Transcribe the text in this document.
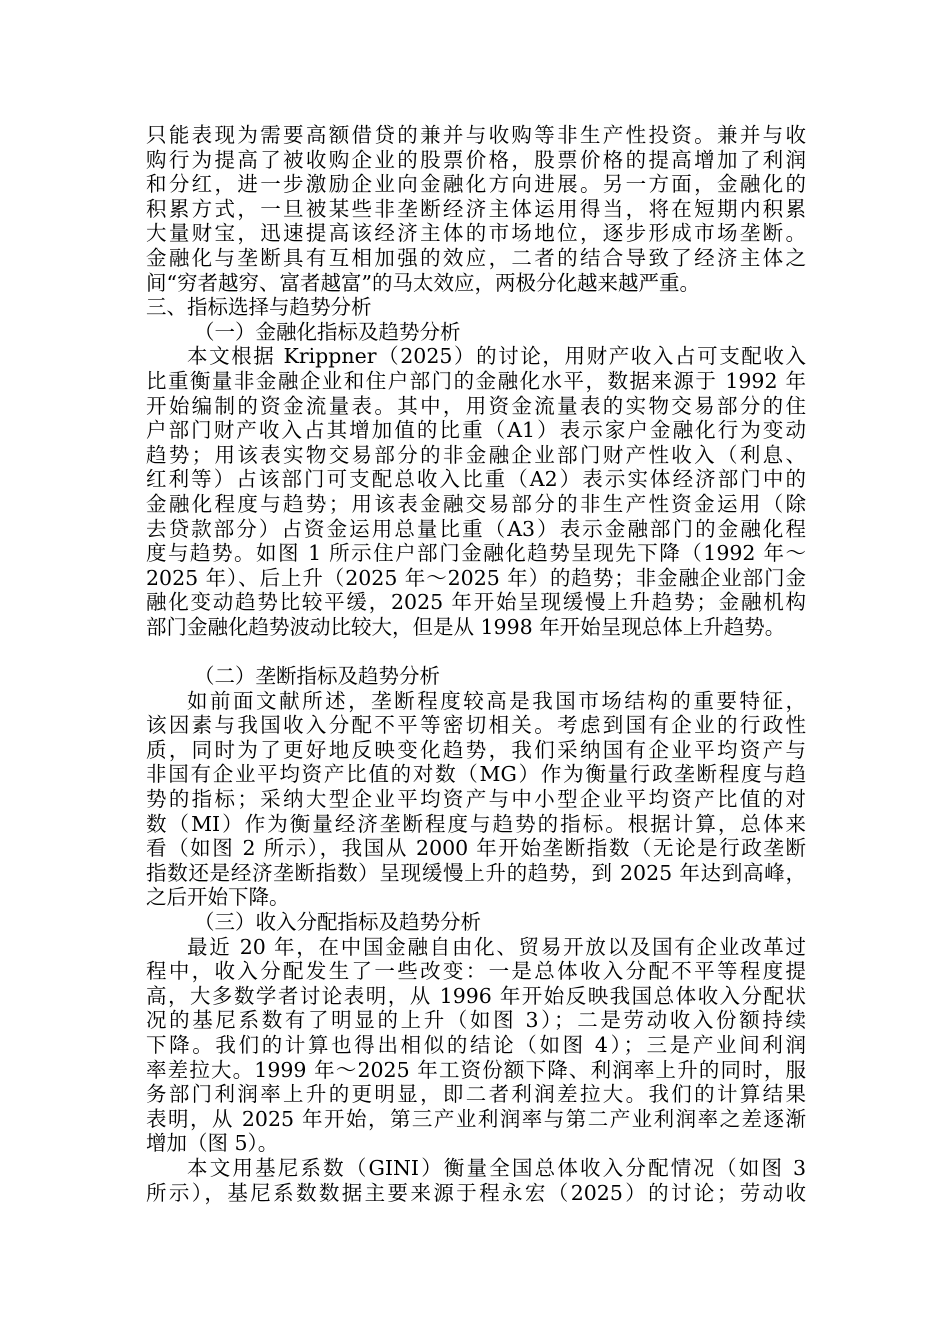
只能表现为需要高额借贷的兼并与收购等非生产性投资。兼并与收
购行为提高了被收购企业的股票价格，股票价格的提高增加了利润
和分红，进一步激励企业向金融化方向进展。另一方面，金融化的
积累方式，一旦被某些非垄断经济主体运用得当，将在短期内积累
大量财宝，迅速提高该经济主体的市场地位，逐步形成市场垄断。
金融化与垄断具有互相加强的效应，二者的结合导致了经济主体之
间“穷者越穷、富者越富”的马太效应，两极分化越来越严重。
三、指标选择与趋势分析
（一）金融化指标及趋势分析
本文根据 Krippner（2025）的讨论，用财产收入占可支配收入
比重衡量非金融企业和住户部门的金融化水平，数据来源于 1992 年
开始编制的资金流量表。其中，用资金流量表的实物交易部分的住
户部门财产收入占其增加值的比重（A1）表示家户金融化行为变动
趋势；用该表实物交易部分的非金融企业部门财产性收入（利息、
红利等）占该部门可支配总收入比重（A2）表示实体经济部门中的
金融化程度与趋势；用该表金融交易部分的非生产性资金运用（除
去贷款部分）占资金运用总量比重（A3）表示金融部门的金融化程
度与趋势。如图 1 所示住户部门金融化趋势呈现先下降（1992 年～
2025 年）、后上升（2025 年～2025 年）的趋势；非金融企业部门金
融化变动趋势比较平缓，2025 年开始呈现缓慢上升趋势；金融机构
部门金融化趋势波动比较大，但是从 1998 年开始呈现总体上升趋势。
（二）垄断指标及趋势分析
如前面文献所述，垄断程度较高是我国市场结构的重要特征，
该因素与我国收入分配不平等密切相关。考虑到国有企业的行政性
质，同时为了更好地反映变化趋势，我们采纳国有企业平均资产与
非国有企业平均资产比值的对数（MG）作为衡量行政垄断程度与趋
势的指标；采纳大型企业平均资产与中小型企业平均资产比值的对
数（MI）作为衡量经济垄断程度与趋势的指标。根据计算，总体来
看（如图 2 所示），我国从 2000 年开始垄断指数（无论是行政垄断
指数还是经济垄断指数）呈现缓慢上升的趋势，到 2025 年达到高峰，
之后开始下降。
（三）收入分配指标及趋势分析
最近 20 年，在中国金融自由化、贸易开放以及国有企业改革过
程中，收入分配发生了一些改变：一是总体收入分配不平等程度提
高，大多数学者讨论表明，从 1996 年开始反映我国总体收入分配状
况的基尼系数有了明显的上升（如图 3）；二是劳动收入份额持续
下降。我们的计算也得出相似的结论（如图 4）；三是产业间利润
率差拉大。1999 年～2025 年工资份额下降、利润率上升的同时，服
务部门利润率上升的更明显，即二者利润差拉大。我们的计算结果
表明，从 2025 年开始，第三产业利润率与第二产业利润率之差逐渐
增加（图 5）。
本文用基尼系数（GINI）衡量全国总体收入分配情况（如图 3
所示），基尼系数数据主要来源于程永宏（2025）的讨论；劳动收
